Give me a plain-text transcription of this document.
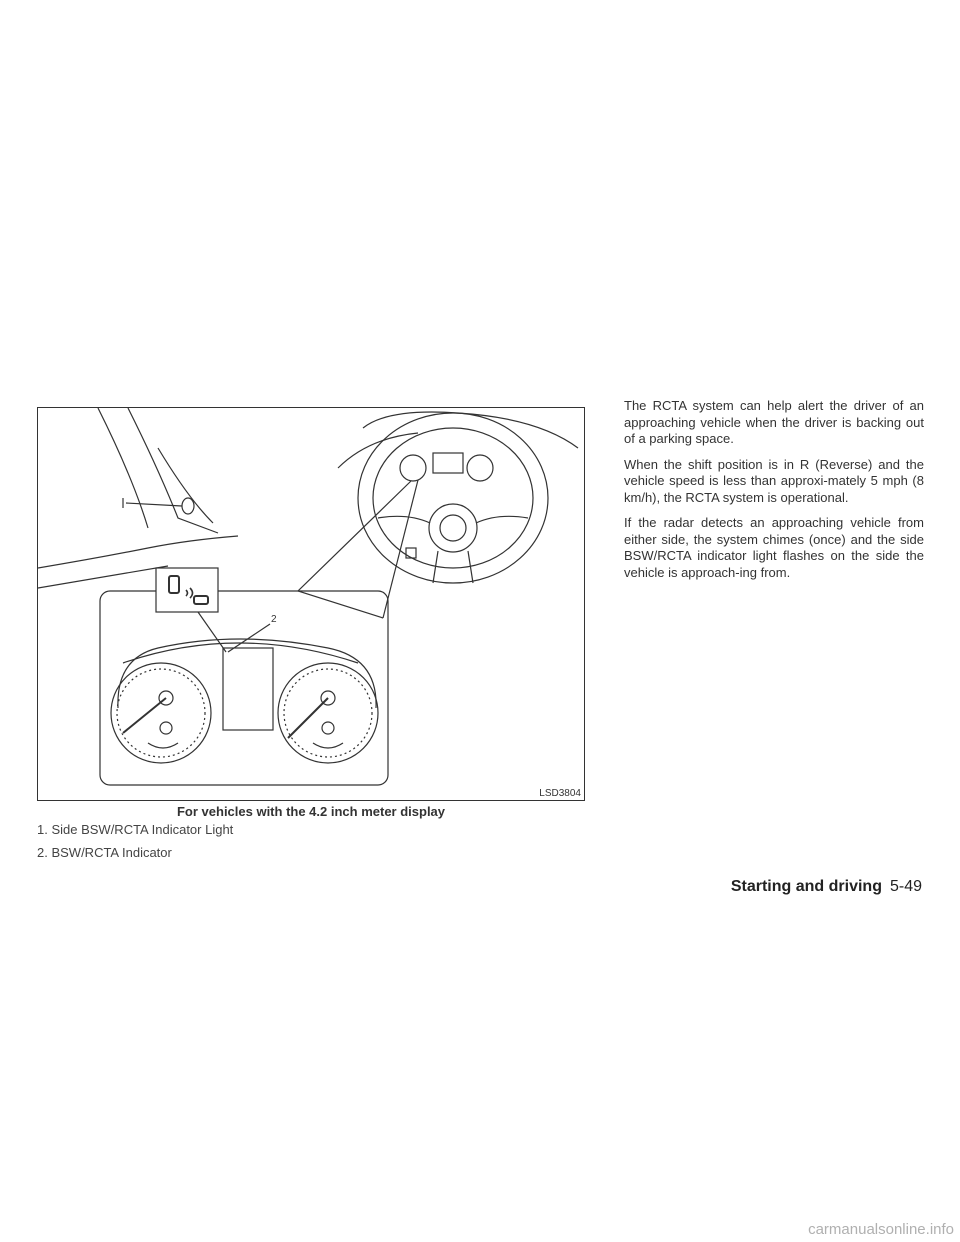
2
LSD3804
For vehicles with the 4.2 inch meter display
1. Side BSW/RCTA Indicator Light
2. BSW/RCTA Indicator

The RCTA system can help alert the driver of an approaching vehicle when the driver is backing out of a parking space.

When the shift position is in R (Reverse) and the vehicle speed is less than approxi-mately 5 mph (8 km/h), the RCTA system is operational.

If the radar detects an approaching vehicle from either side, the system chimes (once) and the side BSW/RCTA indicator light flashes on the side the vehicle is approach-ing from.

Starting and driving 5-49
carmanualsonline.info
